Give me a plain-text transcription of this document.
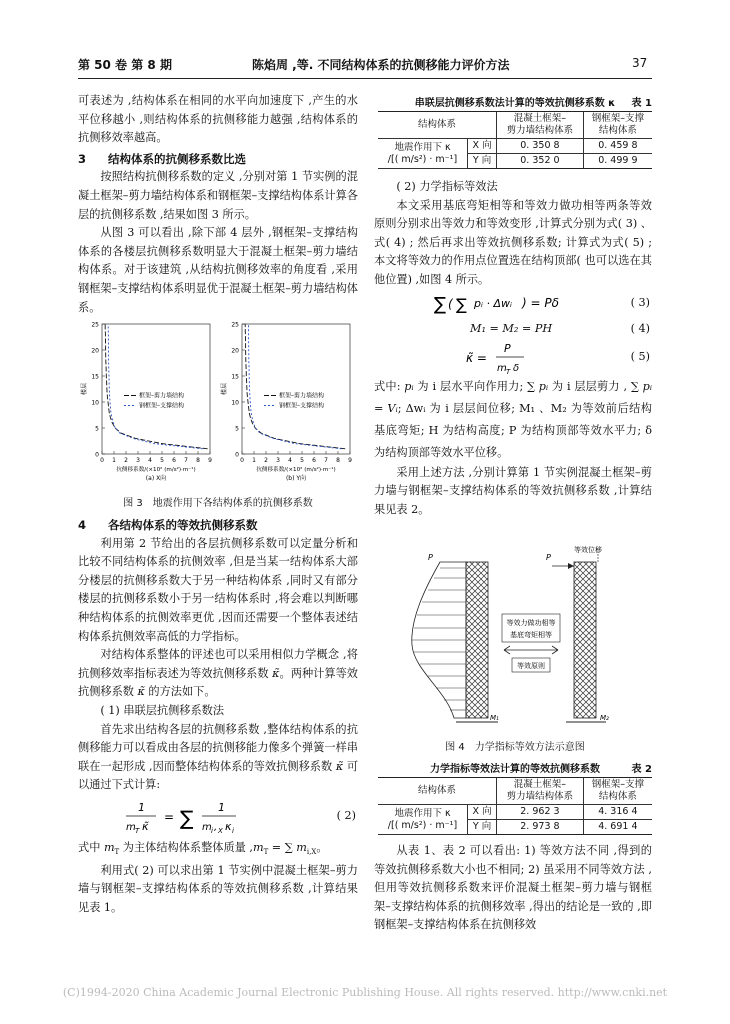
第 50 卷 第 8 期	陈焰周 ,等. 不同结构体系的抗侧移能力评价方法	37

可表述为 ,结构体系在相同的水平向加速度下 ,产生的水平位移越小 ,则结构体系的抗侧移能力越强 ,结构体系的抗侧移效率越高。

3 结构体系的抗侧移系数比选

按照结构抗侧移系数的定义 ,分别对第 1 节实例的混凝土框架–剪力墙结构体系和钢框架–支撑结构体系计算各层的抗侧移系数 ,结果如图 3 所示。

从图 3 可以看出 ,除下部 4 层外 ,钢框架–支撑结构体系的各楼层抗侧移系数明显大于混凝土框架–剪力墙结构体系。对于该建筑 ,从结构抗侧移效率的角度看 ,采用钢框架–支撑结构体系明显优于混凝土框架–剪力墙结构体系。

0
5
10
15
20
25
0 1 2 3 4 5 6 7 8 9
楼层
抗侧移系数/(×10² (m/s²)·m⁻¹)
(a) X向
框架–剪力墙结构
钢框架–支撑结构
0
5
10
15
20
25
0 1 2 3 4 5 6 7 8 9
楼层
抗侧移系数/(×10² (m/s²)·m⁻¹)
(b) Y向
框架–剪力墙结构
钢框架–支撑结构
图 3　地震作用下各结构体系的抗侧移系数

4 各结构体系的等效抗侧移系数

利用第 2 节给出的各层抗侧移系数可以定量分析和比较不同结构体系的抗侧效率 ,但是当某一结构体系大部分楼层的抗侧移系数大于另一种结构体系 ,同时又有部分楼层的抗侧移系数小于另一结构体系时 ,将会难以判断哪种结构体系的抗侧效率更优 ,因而还需要一个整体表述结构体系抗侧效率高低的力学指标。

对结构体系整体的评述也可以采用相似力学概念 ,将抗侧移效率指标表述为等效抗侧移系数 κ̃。两种计算等效抗侧移系数 κ̃ 的方法如下。

( 1) 串联层抗侧移系数法

首先求出结构各层的抗侧移系数 ,整体结构体系的抗侧移能力可以看成由各层的抗侧移能力像多个弹簧一样串联在一起形成 ,因而整体结构体系的等效抗侧移系数 κ̃ 可以通过下式计算:

1
m T κ̃
= ∑ 1
m i , X κ i
( 2)

式中 $m_T$ 为主体结构体系整体质量 $,m_T$ = ∑ $m_{i,X}$。

利用式( 2) 可以求出第 1 节实例中混凝土框架–剪力墙与钢框架–支撑结构体系的等效抗侧移系数 ,计算结果见表 1。

串联层抗侧移系数法计算的等效抗侧移系数 κ 表 1
结构体系		混凝土框架–
剪力墙结构体系	钢框架–支撑
结构体系

地震作用下 κ
/[( m/s²) · m⁻¹]	X 向	0. 350 8	0. 459 8
	Y 向	0. 352 0	0. 499 9

( 2) 力学指标等效法

本文采用基底弯矩相等和等效力做功相等两条等效原则分别求出等效力和等效变形 ,计算式分别为式( 3) 、式( 4) ; 然后再求出等效抗侧移系数; 计算式为式( 5) ; 本文将等效力的作用点位置选在结构顶部( 也可以选在其他位置) ,如图 4 所示。

∑ ( ∑ pᵢ · Δwᵢ ) = Pδ	( 3)
M₁ = M₂ = PH	( 4)
κ̃ =
P
m T δ
( 5)

式中: pᵢ 为 i 层水平向作用力; ∑ pᵢ 为 i 层层剪力 , ∑ pᵢ = Vᵢ; Δwᵢ 为 i 层层间位移; M₁ 、M₂ 为等效前后结构基底弯矩; H 为结构高度; P 为结构顶部等效水平力; δ 为结构顶部等效水平位移。

采用上述方法 ,分别计算第 1 节实例混凝土框架–剪力墙与钢框架–支撑结构体系的等效抗侧移系数 ,计算结果见表 2。

P
M₁
等效力做功相等
基底弯矩相等
等效原则
P
等效位移
M₂
图 4　力学指标等效方法示意图
力学指标等效法计算的等效抗侧移系数	表 2
结构体系		混凝土框架–
剪力墙结构体系	钢框架–支撑
结构体系

地震作用下 κ
/[( m/s²) · m⁻¹]	X 向	2. 962 3	4. 316 4
	Y 向	2. 973 8	4. 691 4

从表 1、表 2 可以看出: 1) 等效方法不同 ,得到的等效抗侧移系数大小也不相同; 2) 虽采用不同等效方法 ,但用等效抗侧移系数来评价混凝土框架–剪力墙与钢框架–支撑结构体系的抗侧移效率 ,得出的结论是一致的 ,即钢框架–支撑结构体系在抗侧移效

(C)1994-2020 China Academic Journal Electronic Publishing House. All rights reserved. http://www.cnki.net
